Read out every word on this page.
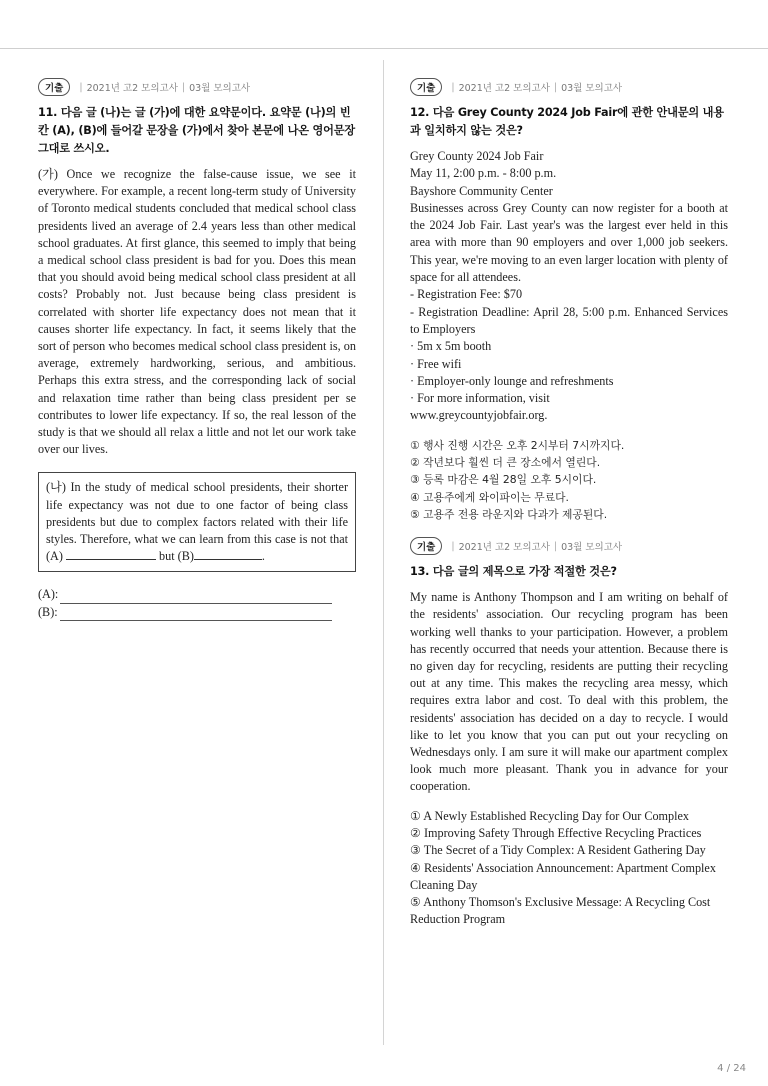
기출	| 2021년 고2 모의고사 | 03월 모의고사

11. 다음 글 (나)는 글 (가)에 대한 요약문이다. 요약문 (나)의 빈칸 (A), (B)에 들어갈 문장을 (가)에서 찾아 본문에 나온 영어문장 그대로 쓰시오.

(가) Once we recognize the false-cause issue, we see it everywhere. For example, a recent long-term study of University of Toronto medical students concluded that medical school class presidents lived an average of 2.4 years less than other medical school graduates. At first glance, this seemed to imply that being a medical school class president is bad for you. Does this mean that you should avoid being medical school class president at all costs? Probably not. Just because being class president is correlated with shorter life expectancy does not mean that it causes shorter life expectancy. In fact, it seems likely that the sort of person who becomes medical school class president is, on average, extremely hardworking, serious, and ambitious. Perhaps this extra stress, and the corresponding lack of social and relaxation time rather than being class president per se contributes to lower life expectancy. If so, the real lesson of the study is that we should all relax a little and not let our work take over our lives.

(나) In the study of medical school presidents, their shorter life expectancy was not due to one factor of being class presidents but due to complex factors related with their life styles. Therefore, what we can learn from this case is not that (A)	but (B)	.
(A):
(B):
기출	| 2021년 고2 모의고사 | 03월 모의고사

12. 다음 Grey County 2024 Job Fair에 관한 안내문의 내용과 일치하지 않는 것은?

Grey County 2024 Job Fair
May 11, 2:00 p.m. - 8:00 p.m.
Bayshore Community Center
Businesses across Grey County can now register for a booth at the 2024 Job Fair. Last year's was the largest ever held in this area with more than 90 employers and over 1,000 job seekers. This year, we're moving to an even larger location with plenty of space for all attendees.
- Registration Fee: $70
- Registration Deadline: April 28, 5:00 p.m. Enhanced Services to Employers
· 5m x 5m booth
· Free wifi
· Employer-only lounge and refreshments
· For more information, visit
www.greycountyjobfair.org.
① 행사 진행 시간은 오후 2시부터 7시까지다.
② 작년보다 훨씬 더 큰 장소에서 열린다.
③ 등록 마감은 4월 28일 오후 5시이다.
④ 고용주에게 와이파이는 무료다.
⑤ 고용주 전용 라운지와 다과가 제공된다.
기출	| 2021년 고2 모의고사 | 03월 모의고사

13. 다음 글의 제목으로 가장 적절한 것은?

My name is Anthony Thompson and I am writing on behalf of the residents' association. Our recycling program has been working well thanks to your participation. However, a problem has recently occurred that needs your attention. Because there is no given day for recycling, residents are putting their recycling out at any time. This makes the recycling area messy, which requires extra labor and cost. To deal with this problem, the residents' association has decided on a day to recycle. I would like to let you know that you can put out your recycling on Wednesdays only. I am sure it will make our apartment complex look much more pleasant. Thank you in advance for your cooperation.

① A Newly Established Recycling Day for Our Complex
② Improving Safety Through Effective Recycling Practices
③ The Secret of a Tidy Complex: A Resident Gathering Day
④ Residents' Association Announcement: Apartment Complex Cleaning Day
⑤ Anthony Thomson's Exclusive Message: A Recycling Cost Reduction Program
4 / 24
